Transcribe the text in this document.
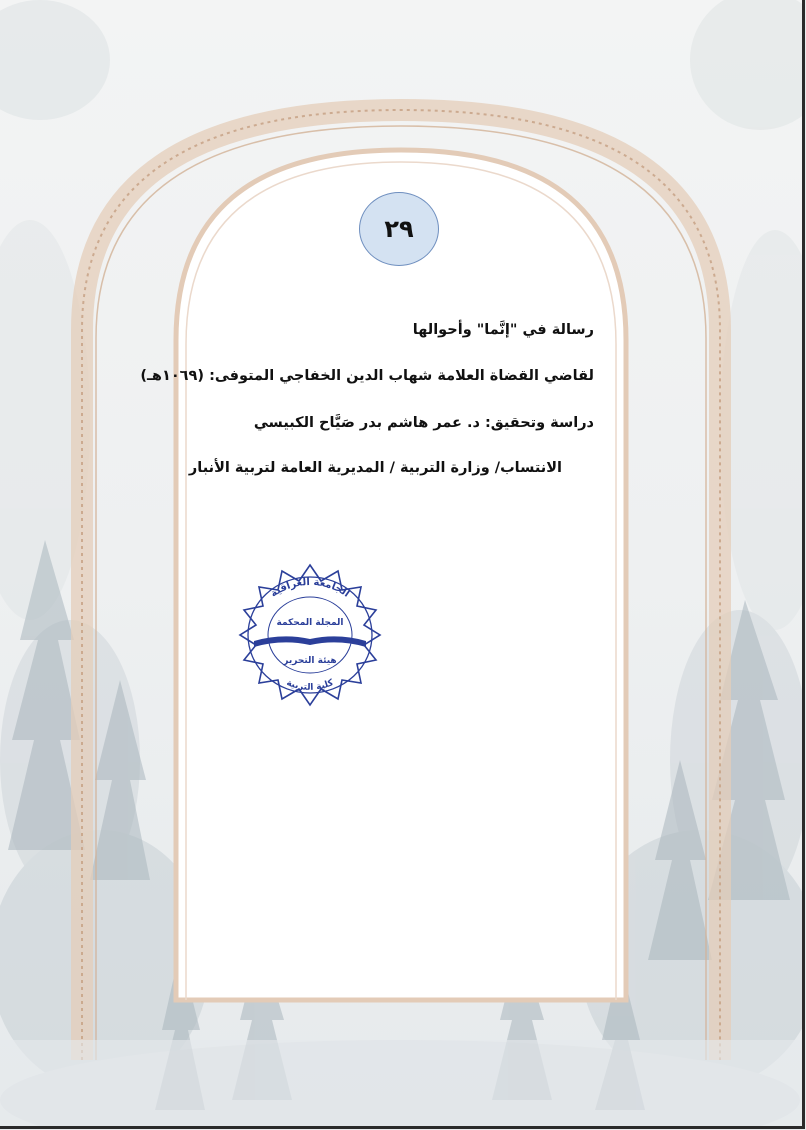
٢٩
رسالة في "إنَّما" وأحوالها
لقاضي القضاة العلامة شهاب الدين الخفاجي المتوفى: (١٠٦٩هـ)
دراسة وتحقيق: د. عمر هاشم بدر صَيَّاح الكبيسي
الانتساب/ وزارة التربية / المديرية العامة لتربية الأنبار
الجامعة العراقية
كلية التربية
المجلة المحكمة
هيئة التحرير
